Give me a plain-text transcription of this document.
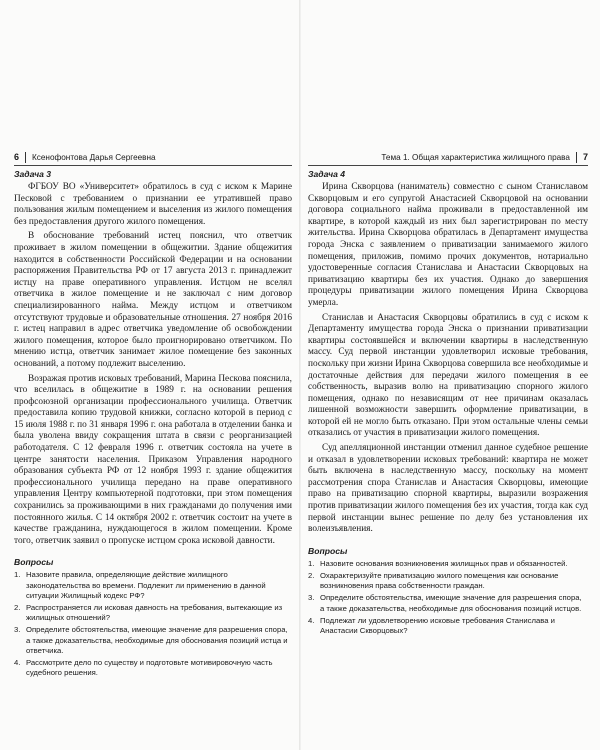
6 Ксенофонтова Дарья Сергеевна
Задача 3

ФГБОУ ВО «Университет» обратилось в суд с иском к Марине Песковой с требованием о признании ее утратившей право пользования жилым помещением и выселения из жилого помещения без предоставления другого жилого помещения.

В обоснование требований истец пояснил, что ответчик проживает в жилом помещении в общежитии. Здание общежития находится в собственности Российской Федерации и на основании распоряжения Правительства РФ от 17 августа 2013 г. принадлежит истцу на праве оперативного управления. Истцом не вселял ответчика в жилое помещение и не заключал с ним договор специализированного найма. Между истцом и ответчиком отсутствуют трудовые и образовательные отношения. 27 ноября 2016 г. истец направил в адрес ответчика уведомление об освобождении жилого помещения, которое было проигнорировано ответчиком. По мнению истца, ответчик занимает жилое помещение без законных оснований, а потому подлежит выселению.

Возражая против исковых требований, Марина Пескова пояснила, что вселилась в общежитие в 1989 г. на основании решения профсоюзной организации профессионального училища. Ответчик предоставила копию трудовой книжки, согласно которой в период с 15 июля 1988 г. по 31 января 1996 г. она работала в отделении банка и была уволена ввиду сокращения штата в связи с реорганизацией работодателя. С 12 февраля 1996 г. ответчик состояла на учете в центре занятости населения. Приказом Управления народного образования субъекта РФ от 12 ноября 1993 г. здание общежития профессионального училища передано на праве оперативного управления Центру компьютерной подготовки, при этом помещения сохранились за проживающими в них гражданами до получения ими постоянного жилья. С 14 октября 2002 г. ответчик состоит на учете в качестве гражданина, нуждающегося в жилом помещении. Кроме того, ответчик заявил о пропуске истцом срока исковой давности.

Вопросы
1. Назовите правила, определяющие действие жилищного законодательства во времени. Подлежит ли применению в данной ситуации Жилищный кодекс РФ?
2. Распространяется ли исковая давность на требования, вытекающие из жилищных отношений?
3. Определите обстоятельства, имеющие значение для разрешения спора, а также доказательства, необходимые для обоснования позиций истца и ответчика.
4. Рассмотрите дело по существу и подготовьте мотивировочную часть судебного решения.
Тема 1. Общая характеристика жилищного права 7
Задача 4

Ирина Скворцова (наниматель) совместно с сыном Станиславом Скворцовым и его супругой Анастасией Скворцовой на основании договора социального найма проживали в предоставленной им квартире, в которой каждый из них был зарегистрирован по месту жительства. Ирина Скворцова обратилась в Департамент имущества города Энска с заявлением о приватизации занимаемого жилого помещения, приложив, помимо прочих документов, нотариально удостоверенные согласия Станислава и Анастасии Скворцовых на приватизацию квартиры без их участия. Однако до завершения процедуры приватизации жилого помещения Ирина Скворцова умерла.

Станислав и Анастасия Скворцовы обратились в суд с иском к Департаменту имущества города Энска о признании приватизации квартиры состоявшейся и включении квартиры в наследственную массу. Суд первой инстанции удовлетворил исковые требования, поскольку при жизни Ирина Скворцова совершила все необходимые и достаточные действия для передачи жилого помещения в ее собственность, выразив волю на приватизацию спорного жилого помещения, однако по независящим от нее причинам оказалась лишенной возможности завершить оформление приватизации, в которой ей не могло быть отказано. При этом остальные члены семьи отказались от участия в приватизации жилого помещения.

Суд апелляционной инстанции отменил данное судебное решение и отказал в удовлетворении исковых требований: квартира не может быть включена в наследственную массу, поскольку на момент рассмотрения спора Станислав и Анастасия Скворцовы, имеющие право на приватизацию спорной квартиры, выразили возражения против приватизации жилого помещения без их участия, тогда как суд первой инстанции вынес решение по делу без установления их волеизъявления.

Вопросы
1. Назовите основания возникновения жилищных прав и обязанностей.
2. Охарактеризуйте приватизацию жилого помещения как основание возникновения права собственности граждан.
3. Определите обстоятельства, имеющие значение для разрешения спора, а также доказательства, необходимые для обоснования позиций истцов.
4. Подлежат ли удовлетворению исковые требования Станислава и Анастасии Скворцовых?
